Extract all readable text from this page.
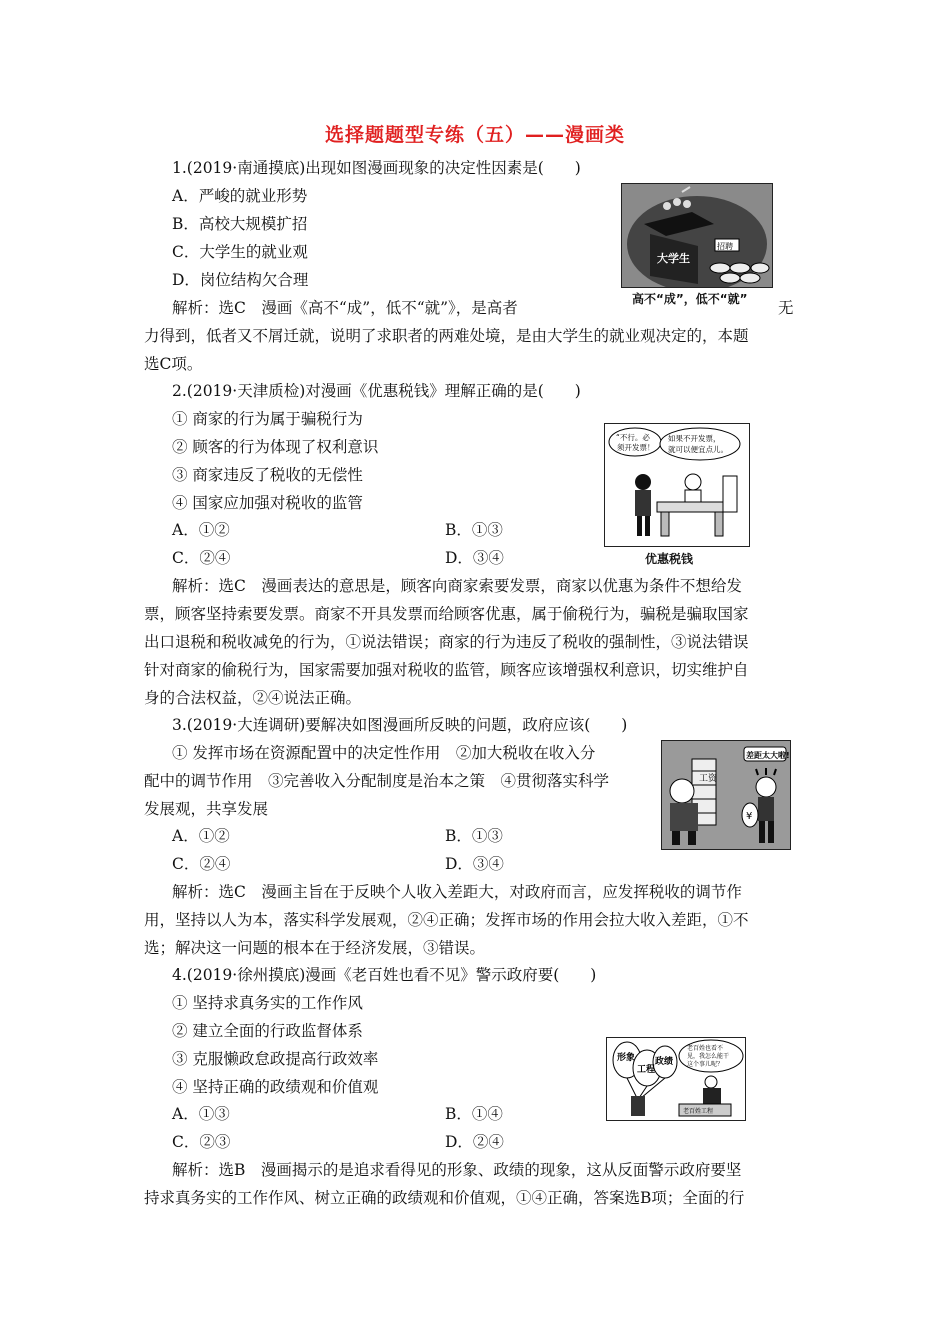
选择题题型专练（五）——漫画类
1.(2019·南通摸底)出现如图漫画现象的决定性因素是(　　)
A．严峻的就业形势
B．高校大规模扩招
C．大学生的就业观
D．岗位结构欠合理
大学生
招聘
高不“成”，低不“就”
解析：选C　漫画《高不“成”，低不“就”》，是高者	无
力得到，低者又不屑迁就，说明了求职者的两难处境，是由大学生的就业观决定的，本题
选C项。
2.(2019·天津质检)对漫画《优惠税钱》理解正确的是(　　)
① 商家的行为属于骗税行为
② 顾客的行为体现了权利意识
③ 商家违反了税收的无偿性
④ 国家应加强对税收的监管
A．①②	B．①③
C．②④	D．③④
“不行。必
须开发票！
如果不开发票，
就可以便宜点儿。
优惠税钱
解析：选C　漫画表达的意思是，顾客向商家索要发票，商家以优惠为条件不想给发
票，顾客坚持索要发票。商家不开具发票而给顾客优惠，属于偷税行为，骗税是骗取国家
出口退税和税收减免的行为，①说法错误；商家的行为违反了税收的强制性，③说法错误
针对商家的偷税行为，国家需要加强对税收的监管，顾客应该增强权利意识，切实维护自
身的合法权益，②④说法正确。
3.(2019·大连调研)要解决如图漫画所反映的问题，政府应该(　　)
① 发挥市场在资源配置中的决定性作用　②加大税收在收入分
配中的调节作用　③完善收入分配制度是治本之策　④贯彻落实科学
发展观，共享发展
A．①②	B．①③
C．②④	D．③④
差距太大啦!
工资
¥
解析：选C　漫画主旨在于反映个人收入差距大，对政府而言，应发挥税收的调节作
用，坚持以人为本，落实科学发展观，②④正确；发挥市场的作用会拉大收入差距，①不
选；解决这一问题的根本在于经济发展，③错误。
4.(2019·徐州摸底)漫画《老百姓也看不见》警示政府要(　　)
① 坚持求真务实的工作作风
② 建立全面的行政监督体系
③ 克服懒政怠政提高行政效率
④ 坚持正确的政绩观和价值观
A．①③	B．①④
C．②③	D．②④
形象
工程
政绩
老百姓也看不
见，我怎么能干
这个事儿呢？
老百姓工程
解析：选B　漫画揭示的是追求看得见的形象、政绩的现象，这从反面警示政府要坚
持求真务实的工作作风、树立正确的政绩观和价值观，①④正确，答案选B项；全面的行
